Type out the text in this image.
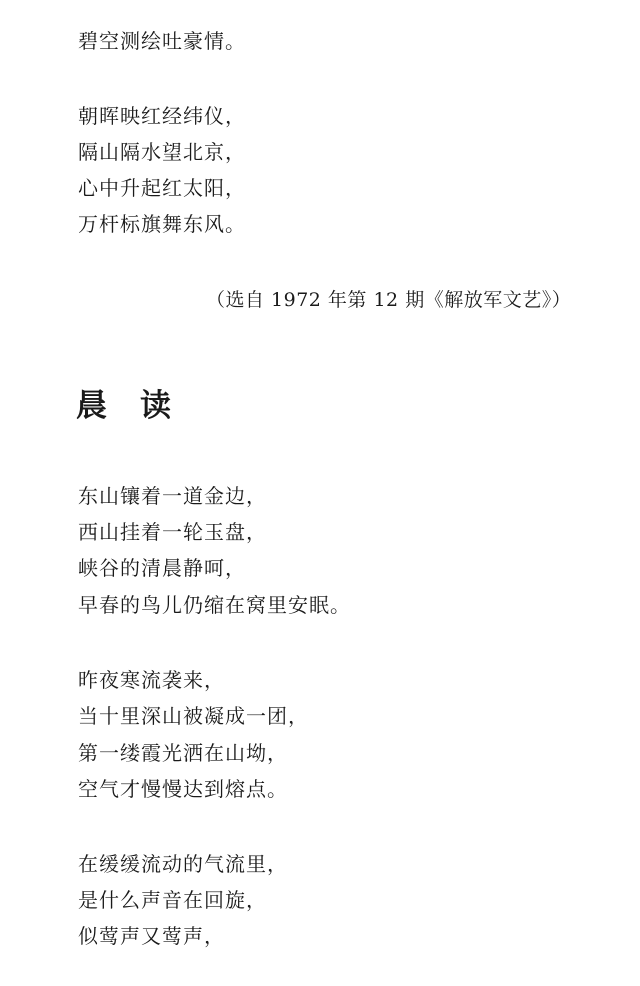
碧空测绘吐豪情。
朝晖映红经纬仪，
隔山隔水望北京，
心中升起红太阳，
万杆标旗舞东风。
（选自 1972 年第 12 期《解放军文艺》）
晨　读
东山镶着一道金边，
西山挂着一轮玉盘，
峡谷的清晨静呵，
早春的鸟儿仍缩在窝里安眠。
昨夜寒流袭来，
当十里深山被凝成一团，
第一缕霞光洒在山坳，
空气才慢慢达到熔点。
在缓缓流动的气流里，
是什么声音在回旋，
似莺声又莺声，
